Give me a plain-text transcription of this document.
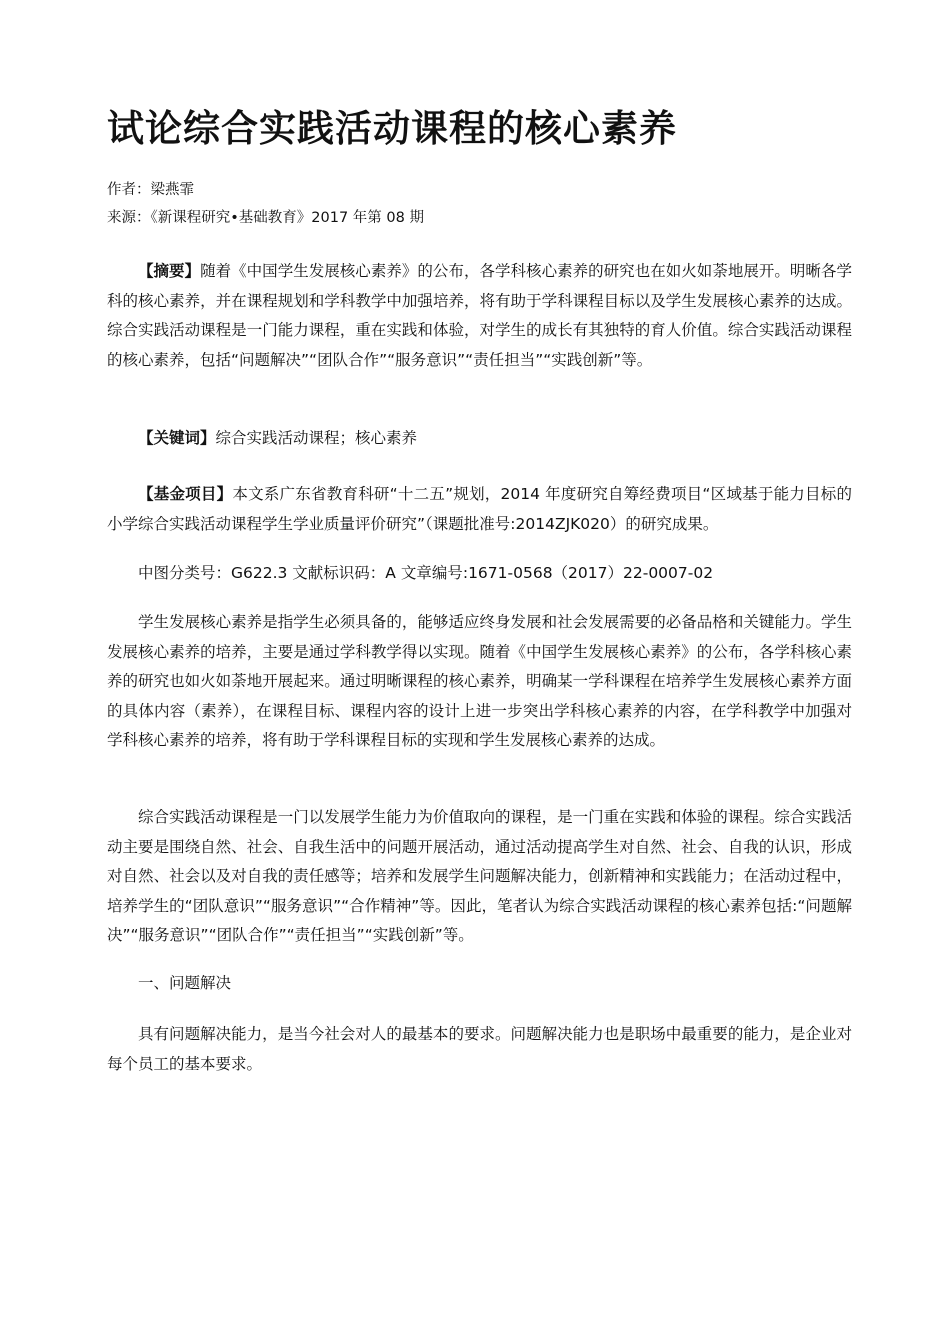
试论综合实践活动课程的核心素养
作者：梁燕霏
来源：《新课程研究•基础教育》2017 年第 08 期

【摘要】随着《中国学生发展核心素养》的公布，各学科核心素养的研究也在如火如荼地展开。明晰各学科的核心素养，并在课程规划和学科教学中加强培养，将有助于学科课程目标以及学生发展核心素养的达成。综合实践活动课程是一门能力课程，重在实践和体验，对学生的成长有其独特的育人价值。综合实践活动课程的核心素养，包括“问题解决”“团队合作”“服务意识”“责任担当”“实践创新”等。

【关键词】综合实践活动课程；核心素养

【基金项目】本文系广东省教育科研“十二五”规划，2014 年度研究自筹经费项目“区域基于能力目标的小学综合实践活动课程学生学业质量评价研究”（课题批准号:2014ZJK020）的研究成果。

中图分类号：G622.3 文献标识码：A 文章编号:1671-0568（2017）22-0007-02

学生发展核心素养是指学生必须具备的，能够适应终身发展和社会发展需要的必备品格和关键能力。学生发展核心素养的培养，主要是通过学科教学得以实现。随着《中国学生发展核心素养》的公布，各学科核心素养的研究也如火如荼地开展起来。通过明晰课程的核心素养，明确某一学科课程在培养学生发展核心素养方面的具体内容（素养），在课程目标、课程内容的设计上进一步突出学科核心素养的内容，在学科教学中加强对学科核心素养的培养，将有助于学科课程目标的实现和学生发展核心素养的达成。

综合实践活动课程是一门以发展学生能力为价值取向的课程，是一门重在实践和体验的课程。综合实践活动主要是围绕自然、社会、自我生活中的问题开展活动，通过活动提高学生对自然、社会、自我的认识，形成对自然、社会以及对自我的责任感等；培养和发展学生问题解决能力，创新精神和实践能力；在活动过程中，培养学生的“团队意识”“服务意识”“合作精神”等。因此，笔者认为综合实践活动课程的核心素养包括:“问题解决”“服务意识”“团队合作”“责任担当”“实践创新”等。

一、问题解决

具有问题解决能力，是当今社会对人的最基本的要求。问题解决能力也是职场中最重要的能力，是企业对每个员工的基本要求。
